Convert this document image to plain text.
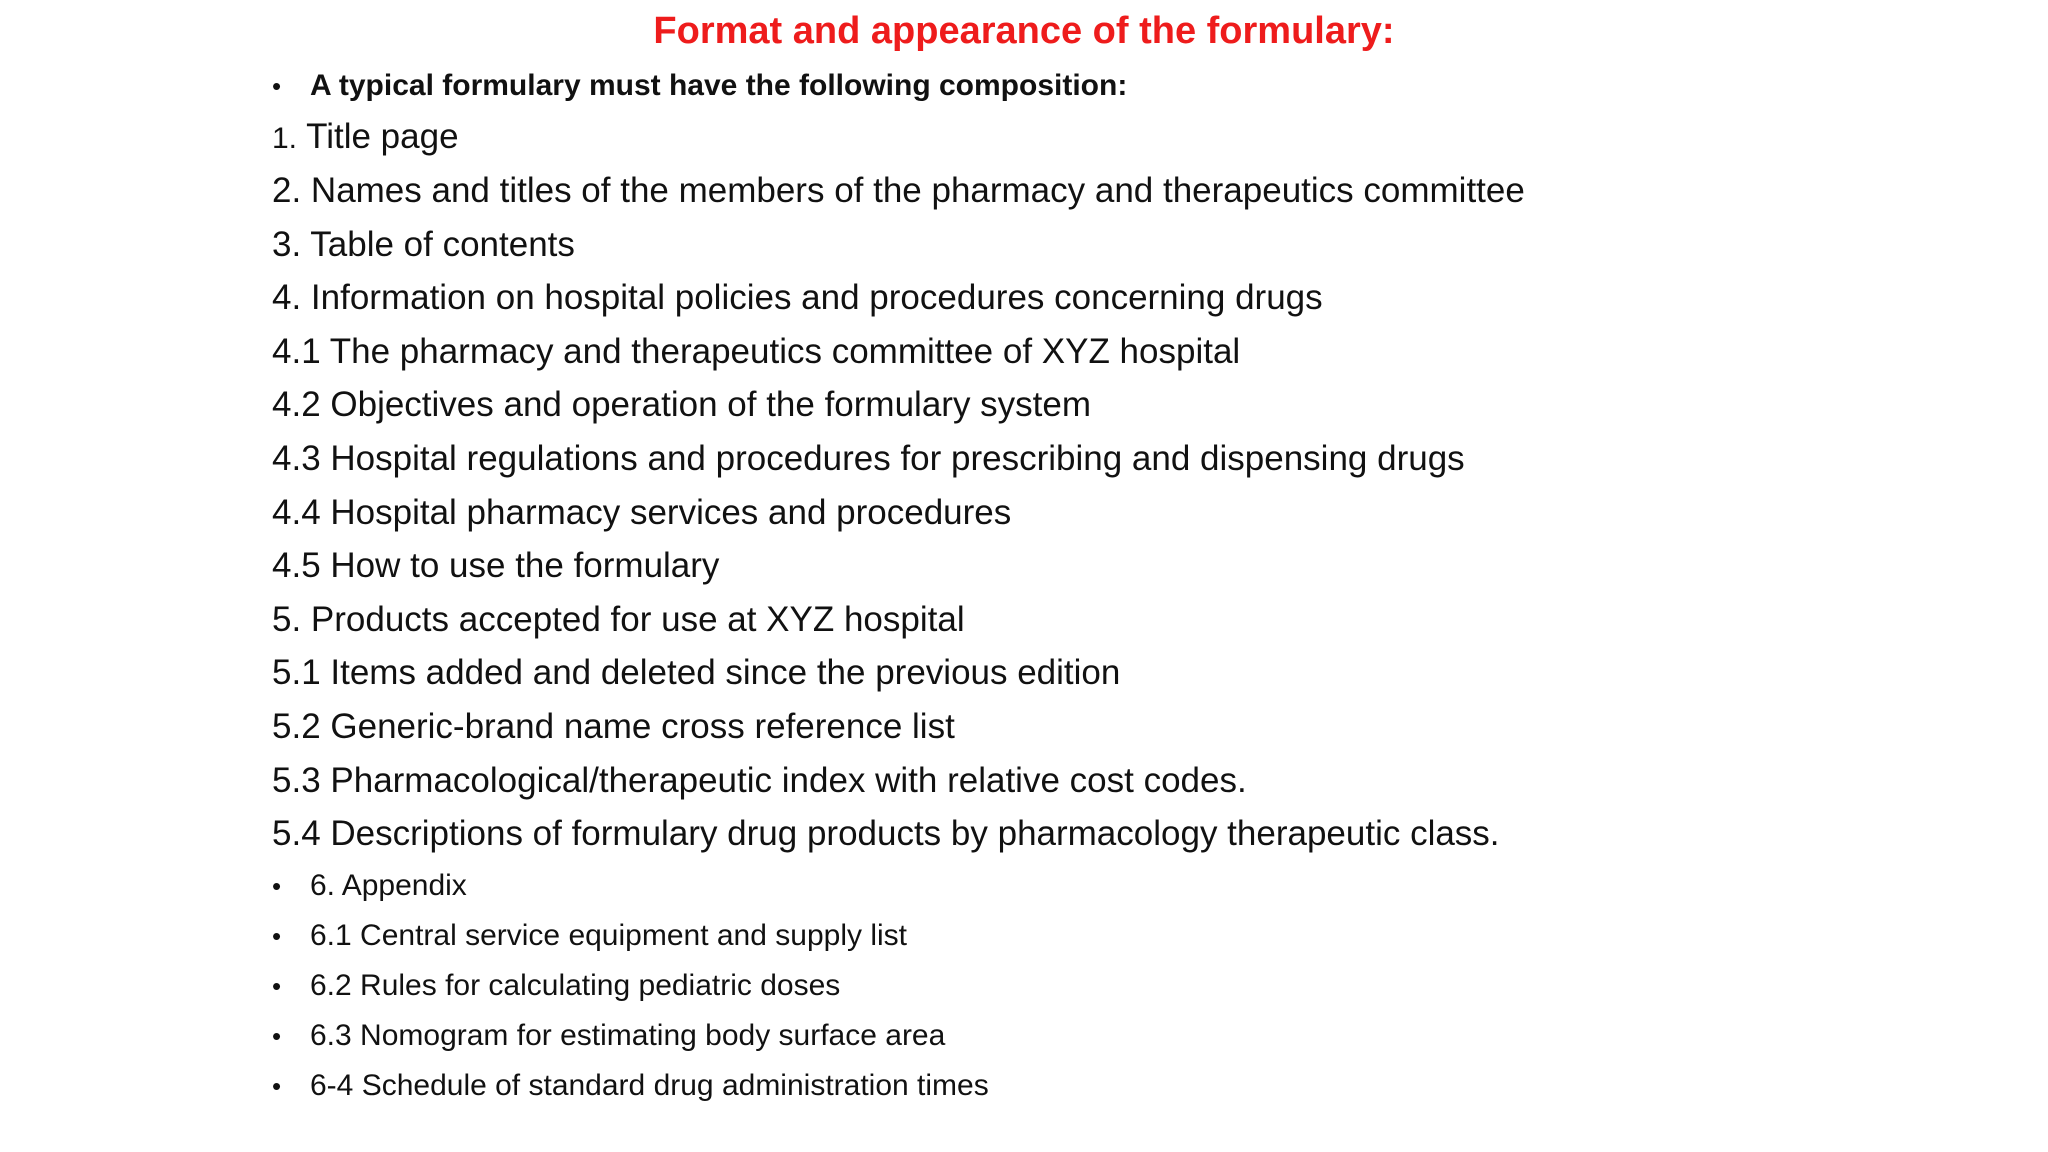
Format and appearance of the formulary:

• A typical formulary must have the following composition:

1. Title page

2. Names and titles of the members of the pharmacy and therapeutics committee

3. Table of contents

4. Information on hospital policies and procedures concerning drugs

4.1 The pharmacy and therapeutics committee of XYZ hospital

4.2 Objectives and operation of the formulary system

4.3 Hospital regulations and procedures for prescribing and dispensing drugs

4.4 Hospital pharmacy services and procedures

4.5 How to use the formulary

5. Products accepted for use at XYZ hospital

5.1 Items added and deleted since the previous edition

5.2 Generic-brand name cross reference list

5.3 Pharmacological/therapeutic index with relative cost codes.

5.4 Descriptions of formulary drug products by pharmacology therapeutic class.

• 6. Appendix

• 6.1 Central service equipment and supply list

• 6.2 Rules for calculating pediatric doses

• 6.3 Nomogram for estimating body surface area

• 6-4 Schedule of standard drug administration times
